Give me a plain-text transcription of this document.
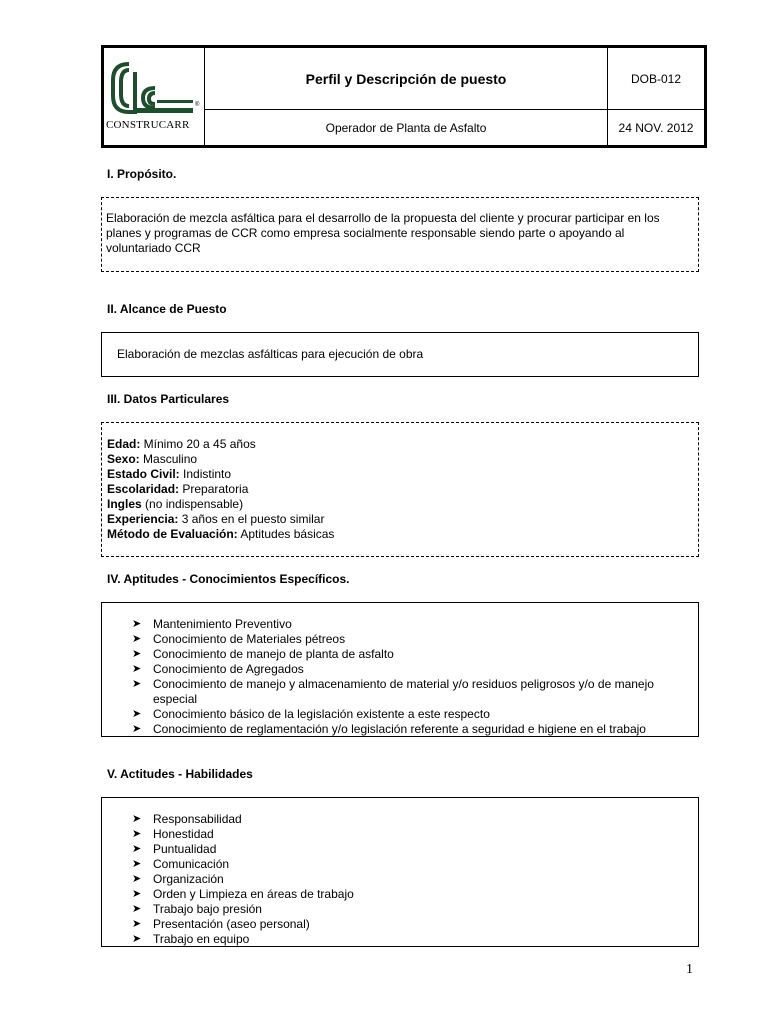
®
CONSTRUCARR
Perfil y Descripción de puesto	DOB-012
Operador de Planta de Asfalto	24 NOV. 2012
I. Propósito.
Elaboración de mezcla asfáltica para el desarrollo de la propuesta del cliente y procurar participar en los
planes y programas de CCR como empresa socialmente responsable siendo parte o apoyando al
voluntariado CCR
II. Alcance de Puesto
Elaboración de mezclas asfálticas para ejecución de obra
III. Datos Particulares
Edad: Mínimo 20 a 45 años
Sexo: Masculino
Estado Civil: Indistinto
Escolaridad: Preparatoria
Ingles (no indispensable)
Experiencia: 3 años en el puesto similar
Método de Evaluación: Aptitudes básicas
IV. Aptitudes - Conocimientos Específicos.
➤ Mantenimiento Preventivo
➤ Conocimiento de Materiales pétreos
➤ Conocimiento de manejo de planta de asfalto
➤ Conocimiento de Agregados
➤ Conocimiento de manejo y almacenamiento de material y/o residuos peligrosos y/o de manejo especial
➤ Conocimiento básico de la legislación existente a este respecto
➤ Conocimiento de reglamentación y/o legislación referente a seguridad e higiene en el trabajo
V. Actitudes - Habilidades
➤ Responsabilidad
➤ Honestidad
➤ Puntualidad
➤ Comunicación
➤ Organización
➤ Orden y Limpieza en áreas de trabajo
➤ Trabajo bajo presión
➤ Presentación (aseo personal)
➤ Trabajo en equipo
1
